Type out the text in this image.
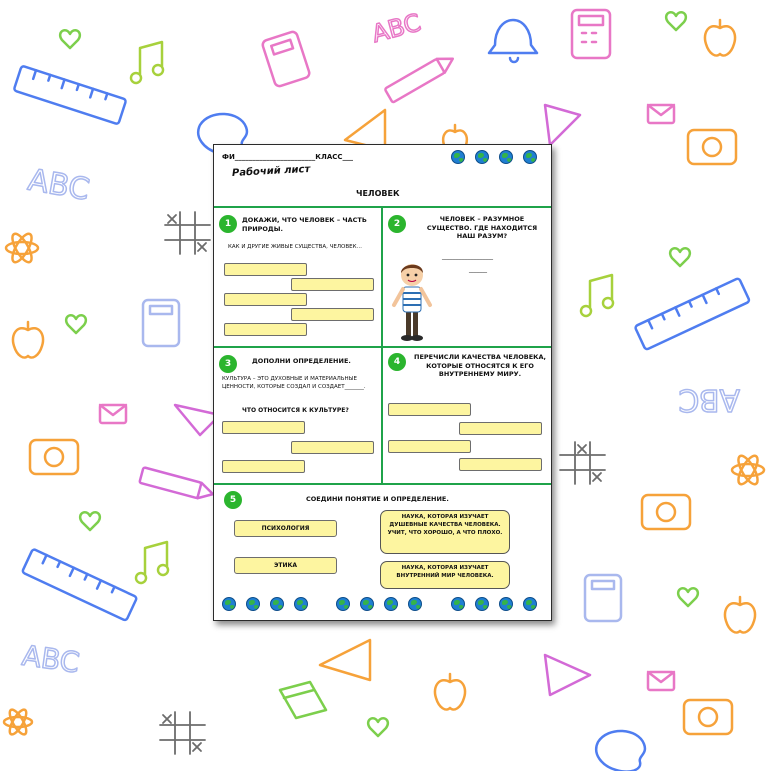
ABC
ABC
ABC
ABC
ФИ_______________________КЛАСС___
Рабочий лист
ЧЕЛОВЕК
1	ДОКАЖИ, ЧТО ЧЕЛОВЕК – ЧАСТЬ ПРИРОДЫ.
КАК И ДРУГИЕ ЖИВЫЕ СУЩЕСТВА, ЧЕЛОВЕК…
2	ЧЕЛОВЕК – РАЗУМНОЕ СУЩЕСТВО. ГДЕ НАХОДИТСЯ НАШ РАЗУМ?
_________________
______
3	ДОПОЛНИ ОПРЕДЕЛЕНИЕ.
КУЛЬТУРА – ЭТО ДУХОВНЫЕ И МАТЕРИАЛЬНЫЕ ЦЕННОСТИ, КОТОРЫЕ СОЗДАЛ И СОЗДАЕТ_______.
ЧТО ОТНОСИТСЯ К КУЛЬТУРЕ?
4	ПЕРЕЧИСЛИ КАЧЕСТВА ЧЕЛОВЕКА, КОТОРЫЕ ОТНОСЯТСЯ К ЕГО ВНУТРЕННЕМУ МИРУ.
5	СОЕДИНИ ПОНЯТИЕ И ОПРЕДЕЛЕНИЕ.
ПСИХОЛОГИЯ
ЭТИКА
НАУКА, КОТОРАЯ ИЗУЧАЕТ ДУШЕВНЫЕ КАЧЕСТВА ЧЕЛОВЕКА. УЧИТ, ЧТО ХОРОШО, А ЧТО ПЛОХО.
НАУКА, КОТОРАЯ ИЗУЧАЕТ ВНУТРЕННИЙ МИР ЧЕЛОВЕКА.
